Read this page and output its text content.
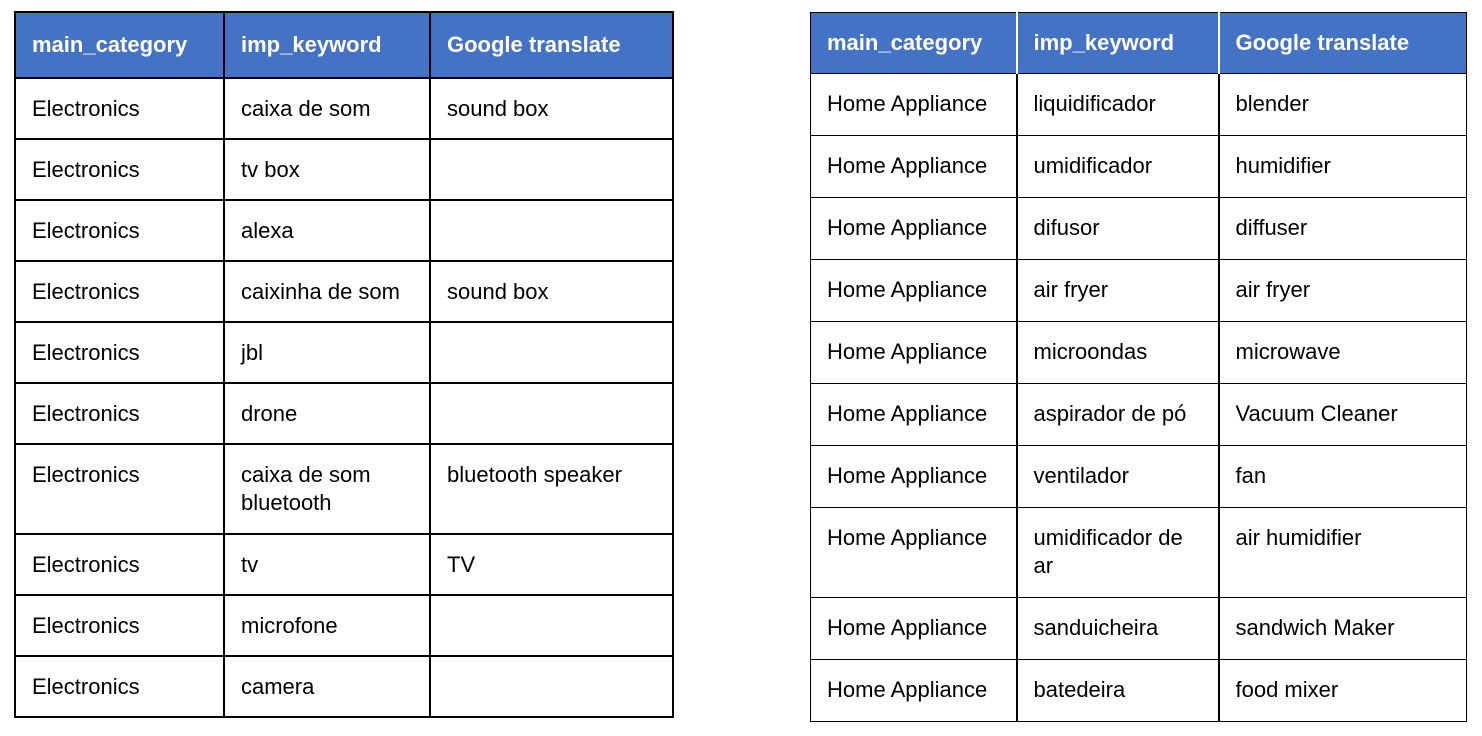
main_category	imp_keyword	Google translate
Electronics	caixa de som	sound box
Electronics	tv box	
Electronics	alexa	
Electronics	caixinha de som	sound box
Electronics	jbl	
Electronics	drone	
Electronics	caixa de som bluetooth	bluetooth speaker
Electronics	tv	TV
Electronics	microfone	
Electronics	camera	
main_category	imp_keyword	Google translate
Home Appliance	liquidificador	blender
Home Appliance	umidificador	humidifier
Home Appliance	difusor	diffuser
Home Appliance	air fryer	air fryer
Home Appliance	microondas	microwave
Home Appliance	aspirador de pó	Vacuum Cleaner
Home Appliance	ventilador	fan
Home Appliance	umidificador de ar	air humidifier
Home Appliance	sanduicheira	sandwich Maker
Home Appliance	batedeira	food mixer
